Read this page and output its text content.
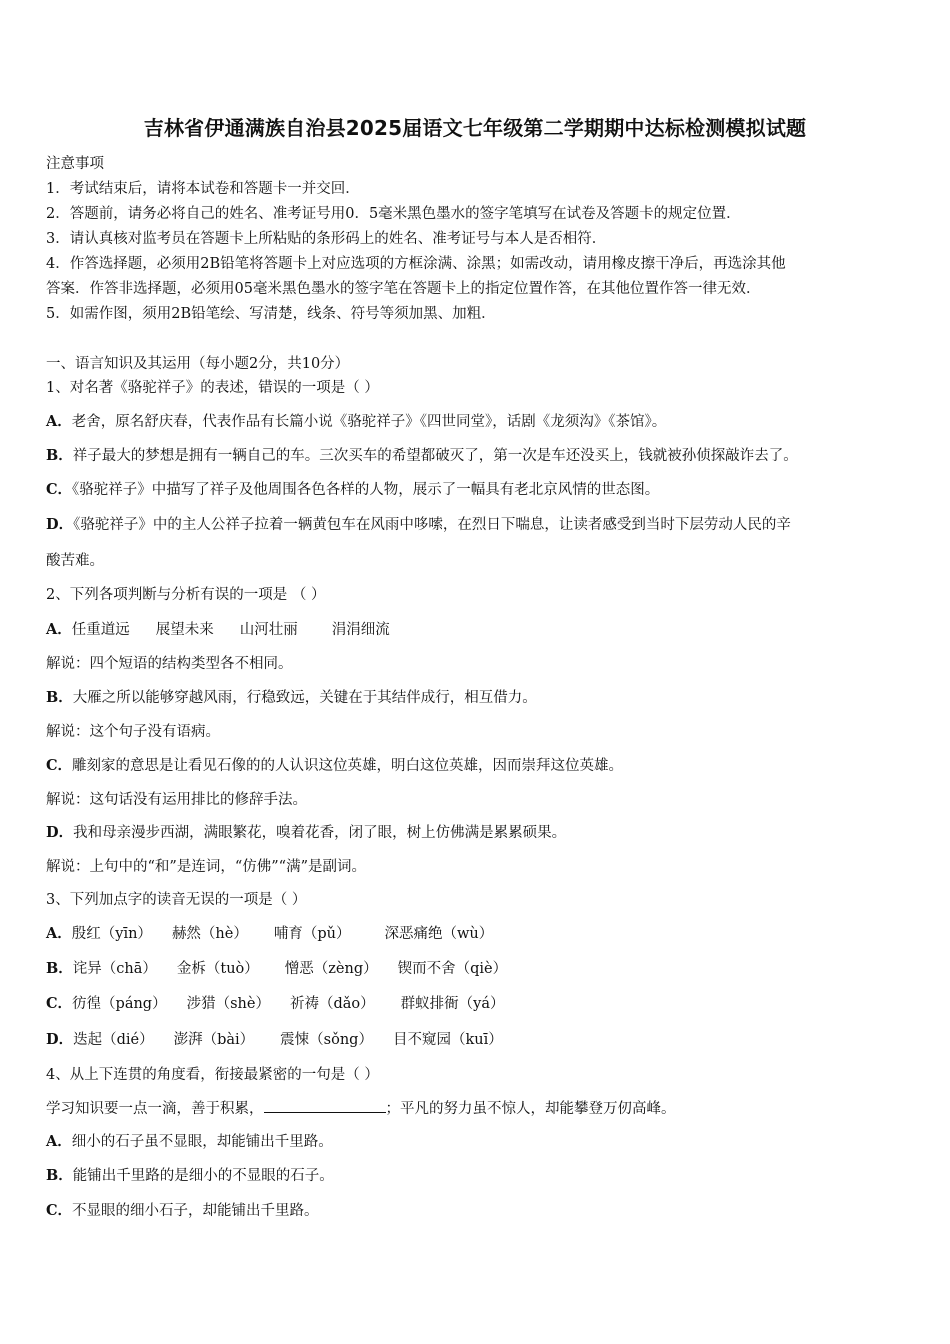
吉林省伊通满族自治县2025届语文七年级第二学期期中达标检测模拟试题
注意事项
1．考试结束后，请将本试卷和答题卡一并交回．
2．答题前，请务必将自己的姓名、准考证号用0．5毫米黑色墨水的签字笔填写在试卷及答题卡的规定位置．
3．请认真核对监考员在答题卡上所粘贴的条形码上的姓名、准考证号与本人是否相符．
4．作答选择题，必须用2B铅笔将答题卡上对应选项的方框涂满、涂黑；如需改动，请用橡皮擦干净后，再选涂其他
答案．作答非选择题，必须用05毫米黑色墨水的签字笔在答题卡上的指定位置作答，在其他位置作答一律无效．
5．如需作图，须用2B铅笔绘、写清楚，线条、符号等须加黑、加粗．
一、语言知识及其运用（每小题2分，共10分）
1、对名著《骆驼祥子》的表述，错误的一项是（ ）
A．老舍，原名舒庆春，代表作品有长篇小说《骆驼祥子》《四世同堂》，话剧《龙须沟》《茶馆》。
B．祥子最大的梦想是拥有一辆自己的车。三次买车的希望都破灭了，第一次是车还没买上，钱就被孙侦探敲诈去了。
C．《骆驼祥子》中描写了祥子及他周围各色各样的人物，展示了一幅具有老北京风情的世态图。
D．《骆驼祥子》中的主人公祥子拉着一辆黄包车在风雨中哆嗦，在烈日下喘息，让读者感受到当时下层劳动人民的辛
酸苦难。
2、下列各项判断与分析有误的一项是 （ ）
A．任重道远 展望未来 山河壮丽 涓涓细流
解说：四个短语的结构类型各不相同。
B．大雁之所以能够穿越风雨，行稳致远，关键在于其结伴成行，相互借力。
解说：这个句子没有语病。
C．雕刻家的意思是让看见石像的的人认识这位英雄，明白这位英雄，因而崇拜这位英雄。
解说：这句话没有运用排比的修辞手法。
D．我和母亲漫步西湖，满眼繁花，嗅着花香，闭了眼，树上仿佛满是累累硕果。
解说：上句中的“和”是连词，“仿佛”“满”是副词。
3、下列加点字的读音无误的一项是（ ）
A．殷红（yīn） 赫然（hè） 哺育（pǔ） 深恶痛绝（wù）
B．诧异（chā） 金柝（tuò） 憎恶（zèng） 锲而不舍（qiè）
C．彷徨（páng） 涉猎（shè） 祈祷（dǎo） 群蚁排衙（yá）
D．迭起（dié） 澎湃（bài） 震悚（sǒng） 目不窥园（kuī）
4、从上下连贯的角度看，衔接最紧密的一句是（ ）
学习知识要一点一滴，善于积累，	；平凡的努力虽不惊人，却能攀登万仞高峰。
A．细小的石子虽不显眼，却能铺出千里路。
B．能铺出千里路的是细小的不显眼的石子。
C．不显眼的细小石子，却能铺出千里路。
